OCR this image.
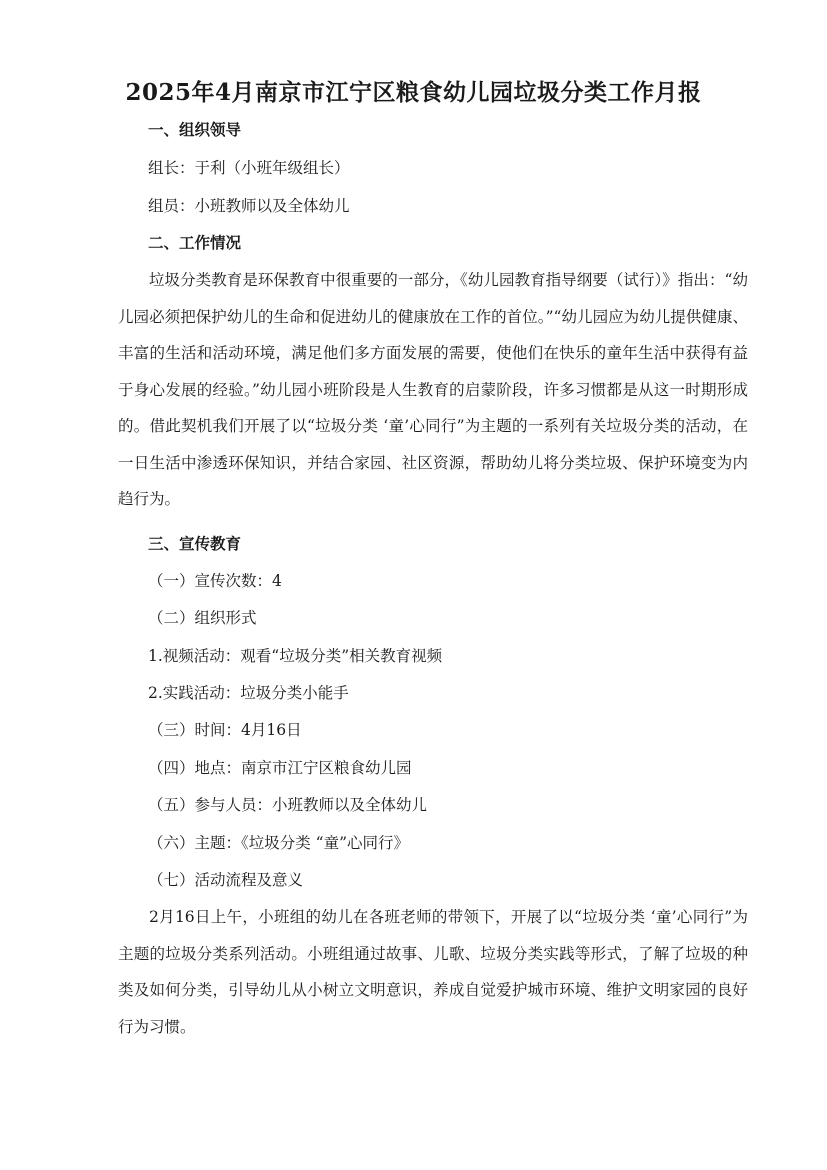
2025年4月南京市江宁区粮食幼儿园垃圾分类工作月报
一、组织领导
组长：于利（小班年级组长）
组员：小班教师以及全体幼儿
二、工作情况
垃圾分类教育是环保教育中很重要的一部分，《幼儿园教育指导纲要（试行）》指出：“幼儿园必须把保护幼儿的生命和促进幼儿的健康放在工作的首位。”“幼儿园应为幼儿提供健康、丰富的生活和活动环境，满足他们多方面发展的需要，使他们在快乐的童年生活中获得有益于身心发展的经验。”幼儿园小班阶段是人生教育的启蒙阶段，许多习惯都是从这一时期形成的。借此契机我们开展了以“垃圾分类 ‘童’心同行”为主题的一系列有关垃圾分类的活动，在一日生活中渗透环保知识，并结合家园、社区资源，帮助幼儿将分类垃圾、保护环境变为内趋行为。
三、宣传教育
（一）宣传次数：4
（二）组织形式
1.视频活动：观看“垃圾分类”相关教育视频
2.实践活动：垃圾分类小能手
（三）时间：4月16日
（四）地点：南京市江宁区粮食幼儿园
（五）参与人员：小班教师以及全体幼儿
（六）主题：《垃圾分类 “童”心同行》
（七）活动流程及意义
2月16日上午，小班组的幼儿在各班老师的带领下，开展了以“垃圾分类 ‘童’心同行”为主题的垃圾分类系列活动。小班组通过故事、儿歌、垃圾分类实践等形式，了解了垃圾的种类及如何分类，引导幼儿从小树立文明意识，养成自觉爱护城市环境、维护文明家园的良好行为习惯。
